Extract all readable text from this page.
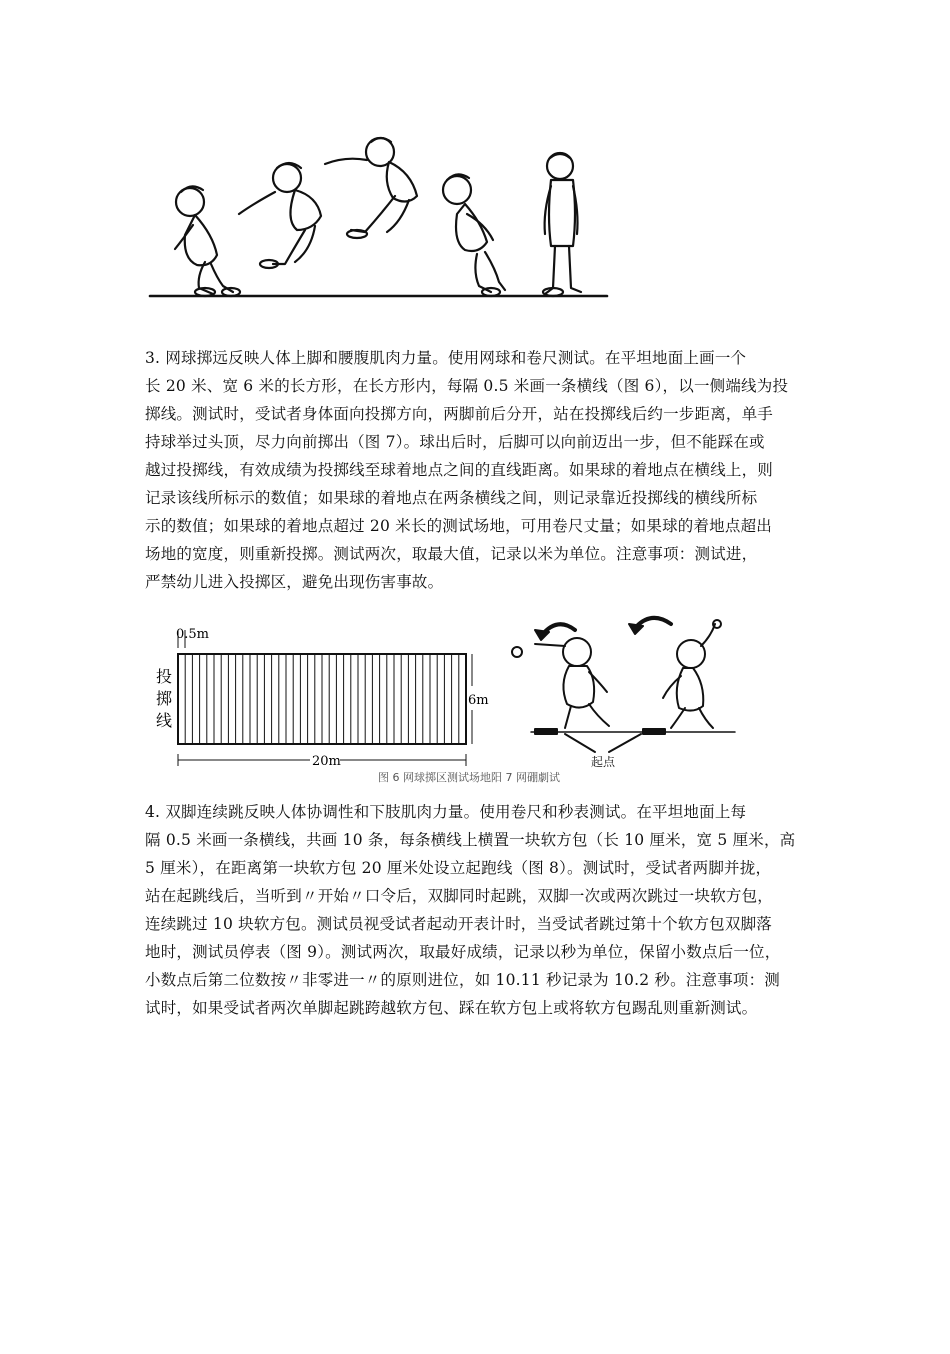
3. 网球掷远反映人体上脚和腰腹肌肉力量。使用网球和卷尺测试。在平坦地面上画一个

长 20 米、宽 6 米的长方形，在长方形内，每隔 0.5 米画一条横线（图 6），以一侧端线为投

掷线。测试时，受试者身体面向投掷方向，两脚前后分开，站在投掷线后约一步距离，单手

持球举过头顶，尽力向前掷出（图 7）。球出后时，后脚可以向前迈出一步，但不能踩在或

越过投掷线，有效成绩为投掷线至球着地点之间的直线距离。如果球的着地点在横线上，则

记录该线所标示的数值；如果球的着地点在两条横线之间，则记录靠近投掷线的横线所标

示的数值；如果球的着地点超过 20 米长的测试场地，可用卷尺丈量；如果球的着地点超出

场地的宽度，则重新投掷。测试两次，取最大值，记录以米为单位。注意事项：测试进，

严禁幼儿进入投掷区，避免出现伤害事故。

0.5m
投
掷
线
6m
20m	起点
图 6 网球掷区测试场地阳 7 网硼劇试

4. 双脚连续跳反映人体协调性和下肢肌肉力量。使用卷尺和秒表测试。在平坦地面上每

隔 0.5 米画一条横线，共画 10 条，每条横线上横置一块软方包（长 10 厘米，宽 5 厘米，高

5 厘米），在距离第一块软方包 20 厘米处设立起跑线（图 8）。测试时，受试者两脚并拢，

站在起跳线后，当听到〃开始〃口令后，双脚同时起跳，双脚一次或两次跳过一块软方包，

连续跳过 10 块软方包。测试员视受试者起动开表计时，当受试者跳过第十个软方包双脚落

地时，测试员停表（图 9）。测试两次，取最好成绩，记录以秒为单位，保留小数点后一位，

小数点后第二位数按〃非零进一〃的原则进位，如 10.11 秒记录为 10.2 秒。注意事项：测

试时，如果受试者两次单脚起跳跨越软方包、踩在软方包上或将软方包踢乱则重新测试。
